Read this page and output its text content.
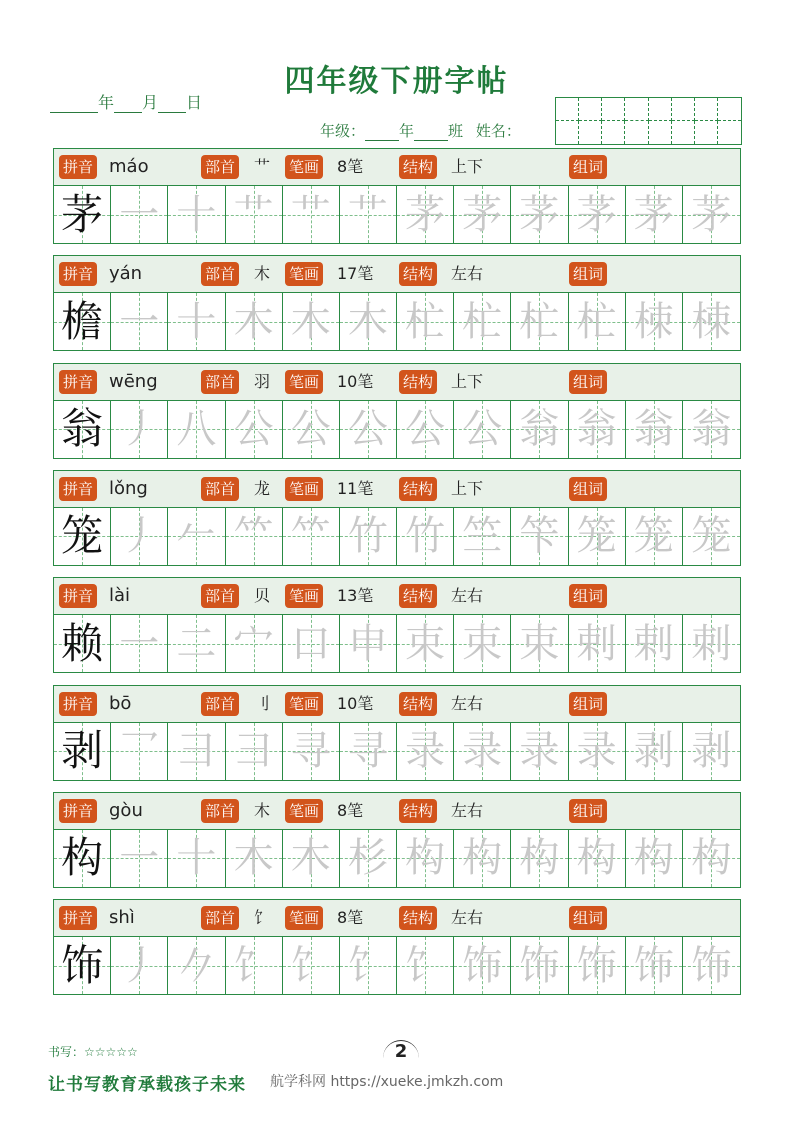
四年级下册字帖
年 月 日
年级： 年 班 姓名：
拼音 máo	部首 艹 笔画 8笔	结构 上下	组词
茅 一 十 艹 艹 艹 茅 茅 茅 茅 茅 茅
拼音 yán	部首 木 笔画 17笔 结构 左右	组词
檐 一 十 木 木 木 杧 杧 杧 杧 栜 栜
拼音 wēng	部首 羽 笔画 10笔 结构 上下	组词
翁 丿 八 公 公 公 公 公 翁 翁 翁 翁
拼音 lǒng	部首 龙 笔画 11笔 结构 上下	组词
笼 丿 𠂉 𥫗 𥫗 竹 竹 竺 笇 笼 笼 笼
拼音 lài	部首 贝 笔画 13笔 结构 左右	组词
赖 一 二 宀 口 申 束 束 束 剌 剌 刺
拼音 bō	部首 刂 笔画 10笔 结构 左右	组词
剥 乛 彐 彐 寻 寻 录 录 录 录 剥 剥
拼音 gòu	部首 木 笔画 8笔	结构 左右	组词
构 一 十 木 木 杉 构 构 构 构 构 构
拼音 shì	部首 饣 笔画 8笔	结构 左右	组词
饰 丿 𠂊 饣 饣 饣 饣 饰 饰 饰 饰 饰
书写：☆☆☆☆☆	2
让书写教育承载孩子未来 航学科网 https://xueke.jmkzh.com
